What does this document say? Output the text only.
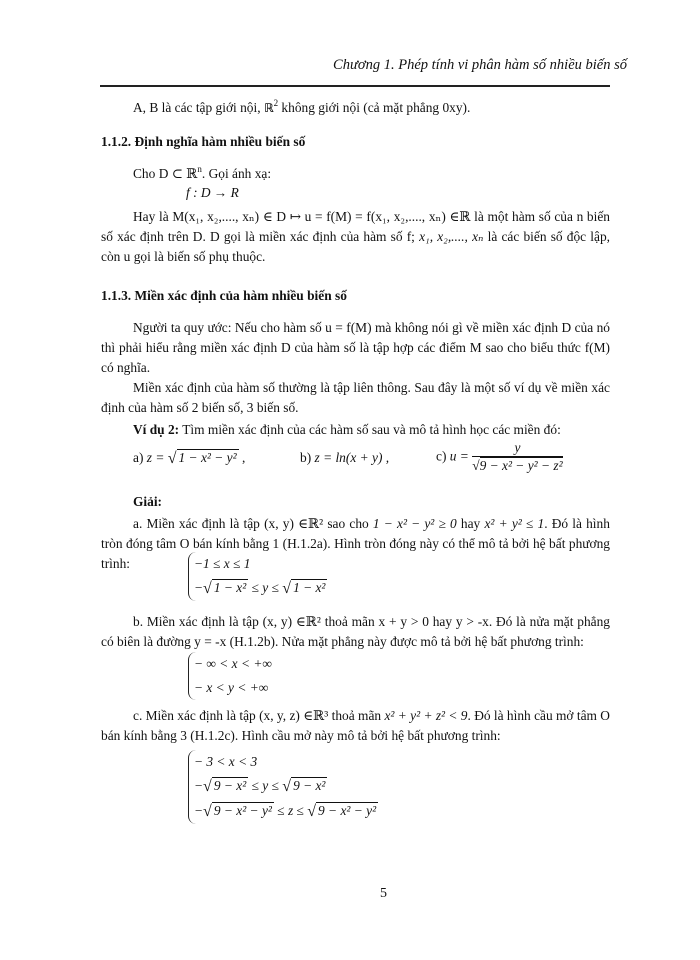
Chương 1. Phép tính vi phân hàm số nhiều biến số
A, B là các tập giới nội, ℝ$^2$ không giới nội (cả mặt phẳng 0xy).
1.1.2. Định nghĩa hàm nhiều biến số
Cho D ⊂ ℝ$^n$. Gọi ánh xạ:
f : D → R

Hay là M(x₁, x₂,...., xₙ) ∈ D ↦ u = f(M) = f(x₁, x₂,...., xₙ) ∈ℝ là một hàm số của n biến số xác định trên D. D gọi là miền xác định của hàm số f; x₁, x₂,...., xₙ là các biến số độc lập, còn u gọi là biến số phụ thuộc.

1.1.3. Miền xác định của hàm nhiều biến số

Người ta quy ước: Nếu cho hàm số u = f(M) mà không nói gì về miền xác định D của nó thì phải hiểu rằng miền xác định D của hàm số là tập hợp các điểm M sao cho biểu thức f(M) có nghĩa.

Miền xác định của hàm số thường là tập liên thông. Sau đây là một số ví dụ về miền xác định của hàm số 2 biến số, 3 biến số.

Ví dụ 2: Tìm miền xác định của các hàm số sau và mô tả hình học các miền đó:

a) z = √ 1 − x² − y² ,	b) z = ln(x + y) ,	c) $u = \frac{y}{\text{√9 − x² − y² − z²}}$
Giải:

a. Miền xác định là tập (x, y) ∈ℝ² sao cho 1 − x² − y² ≥ 0 hay x² + y² ≤ 1. Đó là hình tròn đóng tâm O bán kính bằng 1 (H.1.2a). Hình tròn đóng này có thể mô tả bởi hệ bất phương trình:	−1 ≤ x ≤ 1
−√ 1 − x² ≤ y ≤ √ 1 − x²

b. Miền xác định là tập (x, y) ∈ℝ² thoả mãn x + y > 0 hay y > -x. Đó là nửa mặt phẳng có biên là đường y = -x (H.1.2b). Nửa mặt phẳng này được mô tả bởi hệ bất phương trình:

− ∞ < x < +∞
− x < y < +∞

c. Miền xác định là tập (x, y, z) ∈ℝ³ thoả mãn x² + y² + z² < 9. Đó là hình cầu mở tâm O bán kính bằng 3 (H.1.2c). Hình cầu mở này mô tả bởi hệ bất phương trình:

− 3 < x < 3
−√ 9 − x² ≤ y ≤ √ 9 − x²
−√ 9 − x² − y² ≤ z ≤ √ 9 − x² − y²
5
